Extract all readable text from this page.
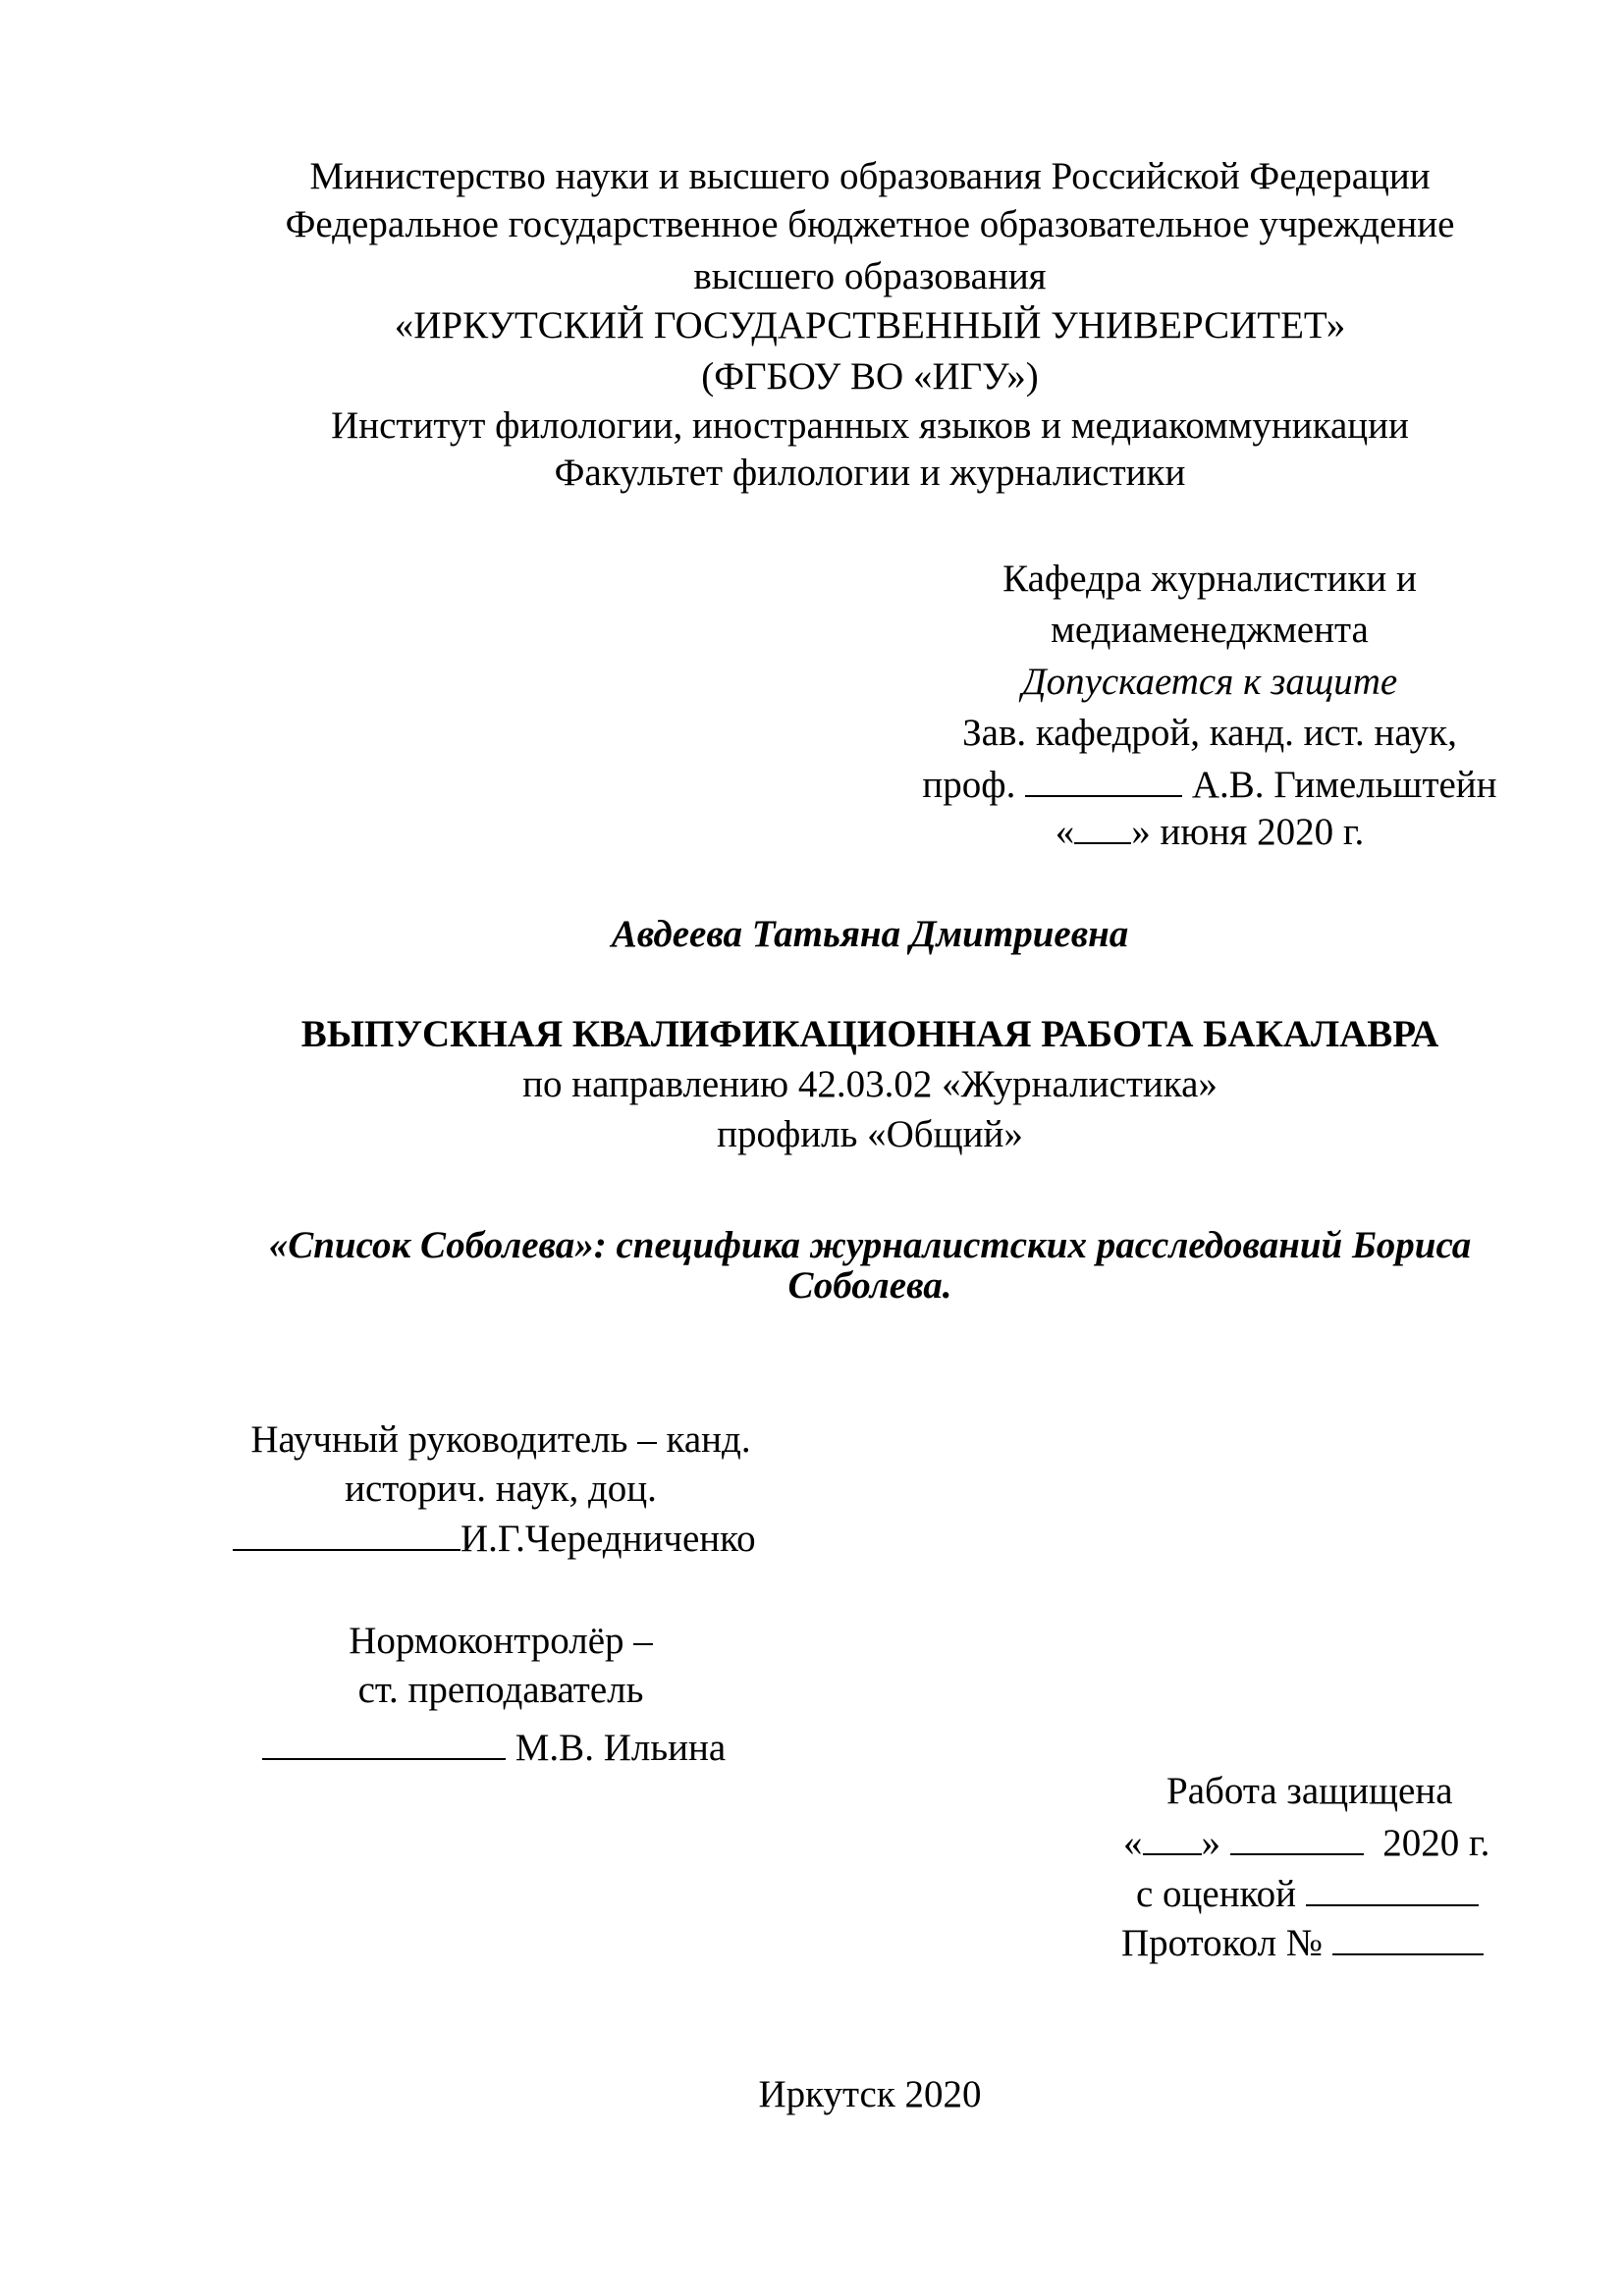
Министерство науки и высшего образования Российской Федерации
Федеральное государственное бюджетное образовательное учреждение
высшего образования
«ИРКУТСКИЙ ГОСУДАРСТВЕННЫЙ УНИВЕРСИТЕТ»
(ФГБОУ ВО «ИГУ»)
Институт филологии, иностранных языков и медиакоммуникации
Факультет филологии и журналистики
Кафедра журналистики и
медиаменеджмента
Допускается к защите
Зав. кафедрой, канд. ист. наук,
проф.	А.В. Гимельштейн
« » июня 2020 г.
Авдеева Татьяна Дмитриевна
ВЫПУСКНАЯ КВАЛИФИКАЦИОННАЯ РАБОТА БАКАЛАВРА
по направлению 42.03.02 «Журналистика»
профиль «Общий»
«Список Соболева»: специфика журналистских расследований Бориса
Соболева.
Научный руководитель – канд.
историч. наук, доц.
И.Г.Чередниченко
Нормоконтролёр –
ст. преподаватель
М.В. Ильина
Работа защищена
« »	2020 г.
с оценкой
Протокол №
Иркутск 2020
